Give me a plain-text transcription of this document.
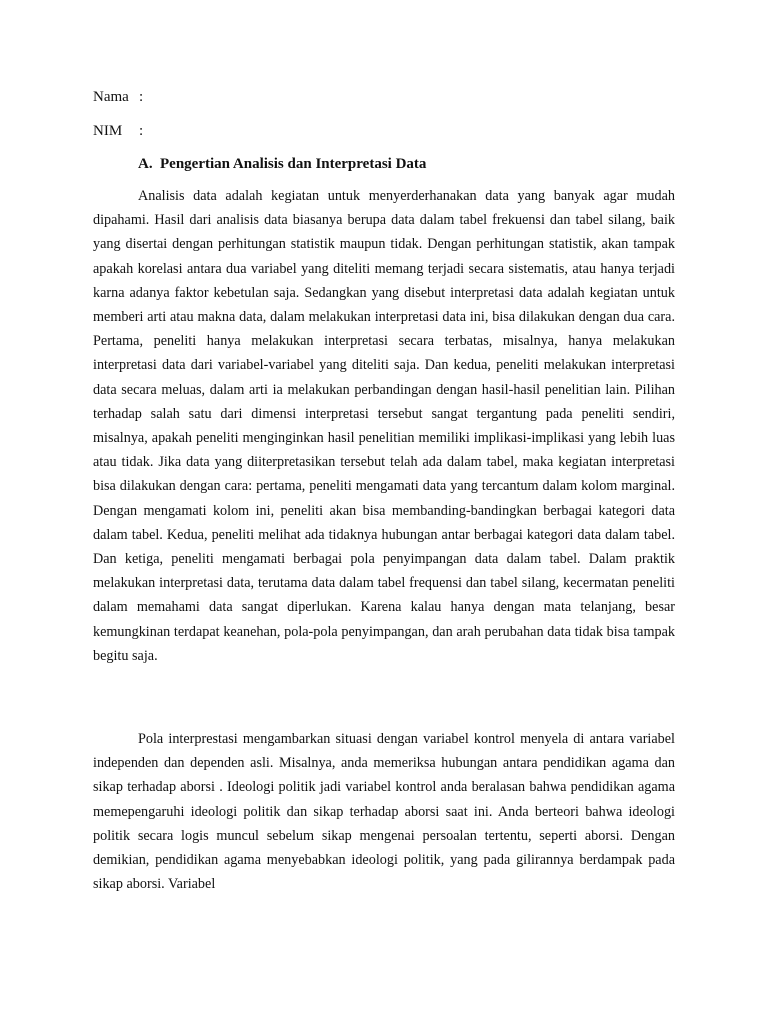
Nama :
NIM :
A. Pengertian Analisis dan Interpretasi Data

Analisis data adalah kegiatan untuk menyerderhanakan data yang banyak agar mudah dipahami. Hasil dari analisis data biasanya berupa data dalam tabel frekuensi dan tabel silang, baik yang disertai dengan perhitungan statistik maupun tidak. Dengan perhitungan statistik, akan tampak apakah korelasi antara dua variabel yang diteliti memang terjadi secara sistematis, atau hanya terjadi karna adanya faktor kebetulan saja. Sedangkan yang disebut interpretasi data adalah kegiatan untuk memberi arti atau makna data, dalam melakukan interpretasi data ini, bisa dilakukan dengan dua cara. Pertama, peneliti hanya melakukan interpretasi secara terbatas, misalnya, hanya melakukan interpretasi data dari variabel-variabel yang diteliti saja. Dan kedua, peneliti melakukan interpretasi data secara meluas, dalam arti ia melakukan perbandingan dengan hasil-hasil penelitian lain. Pilihan terhadap salah satu dari dimensi interpretasi tersebut sangat tergantung pada peneliti sendiri, misalnya, apakah peneliti menginginkan hasil penelitian memiliki implikasi-implikasi yang lebih luas atau tidak. Jika data yang diiterpretasikan tersebut telah ada dalam tabel, maka kegiatan interpretasi bisa dilakukan dengan cara: pertama, peneliti mengamati data yang tercantum dalam kolom marginal. Dengan mengamati kolom ini, peneliti akan bisa membanding-bandingkan berbagai kategori data dalam tabel. Kedua, peneliti melihat ada tidaknya hubungan antar berbagai kategori data dalam tabel. Dan ketiga, peneliti mengamati berbagai pola penyimpangan data dalam tabel. Dalam praktik melakukan interpretasi data, terutama data dalam tabel frequensi dan tabel silang, kecermatan peneliti dalam memahami data sangat diperlukan. Karena kalau hanya dengan mata telanjang, besar kemungkinan terdapat keanehan, pola-pola penyimpangan, dan arah perubahan data tidak bisa tampak begitu saja.

Pola interprestasi mengambarkan situasi dengan variabel kontrol menyela di antara variabel independen dan dependen asli. Misalnya, anda memeriksa hubungan antara pendidikan agama dan sikap terhadap aborsi . Ideologi politik jadi variabel kontrol anda beralasan bahwa pendidikan agama memepengaruhi ideologi politik dan sikap terhadap aborsi saat ini. Anda berteori bahwa ideologi politik secara logis muncul sebelum sikap mengenai persoalan tertentu, seperti aborsi. Dengan demikian, pendidikan agama menyebabkan ideologi politik, yang pada gilirannya berdampak pada sikap aborsi. Variabel
